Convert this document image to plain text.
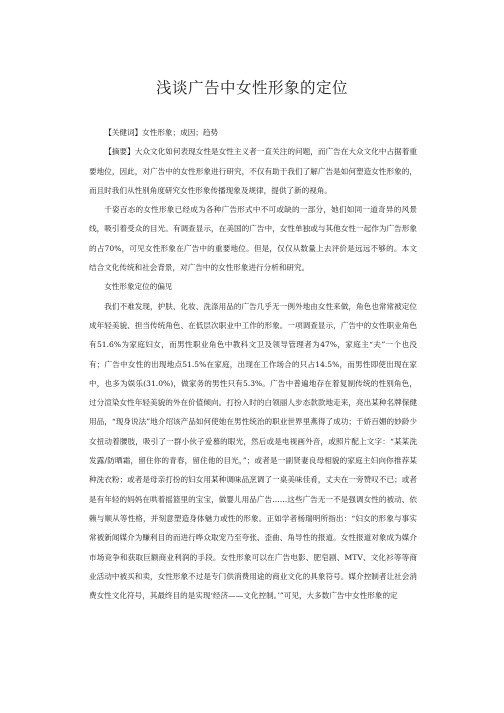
浅谈广告中女性形象的定位

【关健词】女性形象；成因；趋势

【摘要】大众文化如何表现女性是女性主义者一直关注的问题，而广告在大众文化中占据着重要地位，因此，对广告中的女性形象进行研究，不仅有助于我们了解广告是如何塑造女性形象的，而且时我们从性别角度研究女性形象传播现象及规律，提供了新的视角。

千姿百态的女性形象已经成为各种广告形式中不可或缺的一部分，她们如同一道奇异的风景线，吸引着受众的目光。有调查显示，在美国的广告中，女性单独或与其他女性一起作为广告形象的占70%，可见女性形象在广告中的重要地位。但是，仅仅从数量上去评价是远远不够的。本文结合文化传统和社会背景，对广告中的女性形象进行分析和研究。

女性形象定位的偏见

我们不难发现，护肤、化妆、洗涤用品的广告几乎无一例外地由女性来做，角色也常常被定位成年轻美貌、担当传统角色、在低层次职业中工作的形象。一项调查显示，广告中的女性职业角色有51.6%为家庭妇女，而男性职业角色中教科文卫及领导管理者为47%，家庭主“夫”一个也没有；广告中女性的出现地点51.5%在家庭，出现在工作场合的只占14.5%，而男性即使出现在家中，也多为娱乐(31.0%)，做家务的男性只有5.3%。广告中普遍地存在着复制传统的性别角色，过分渲染女性年轻美貌的外在价值倾向。打扮入时的白领丽人步态款款地走来，亮出某种名牌保健用品，“现身说法”地介绍该产品如何使她在男性统治的职业世界里燕得了成功；千娇百媚的妙龄少女扭动着腰肢，吸引了一群小伙子爱慕的眼光，然后或是电视画外音，或照片配上文字：“某某洗发露/防晒霜，留住你的青春，留住他的目光，”；或者是一副贤妻良母相貌的家庭主妇向你推荐某种洗衣粉；或者是母亲打扮的妇女用某种调味品烹调了一桌美味佳肴，丈夫在一旁赞叹不已；或者是有年轻的妈妈在哄着摇篮里的宝宝，做婴儿用品广告……这些广告无一不是强调女性的被动、依赖与顺从等性格，并刻意塑造身体魅力或性的形象。正如学者杨瑞明所指出：“妇女的形象与事实常被新闻媒介为赚利目的而进行哗众取宠乃至夸张、歪曲、角导性的报道。女性报道对象成为媒介市场竞争和获取巨额商业利润的手段。女性形象可以在广告电影、肥皂剧、MTV、文化衫等等商业活动中被买和卖，女性形象不过是专门供消费用途的商业文化的具象符号。媒介控制者让社会消费女性文化符号，其最终目的是实现‘经济——文化控制。’”可见，大多数广告中女性形象的定
